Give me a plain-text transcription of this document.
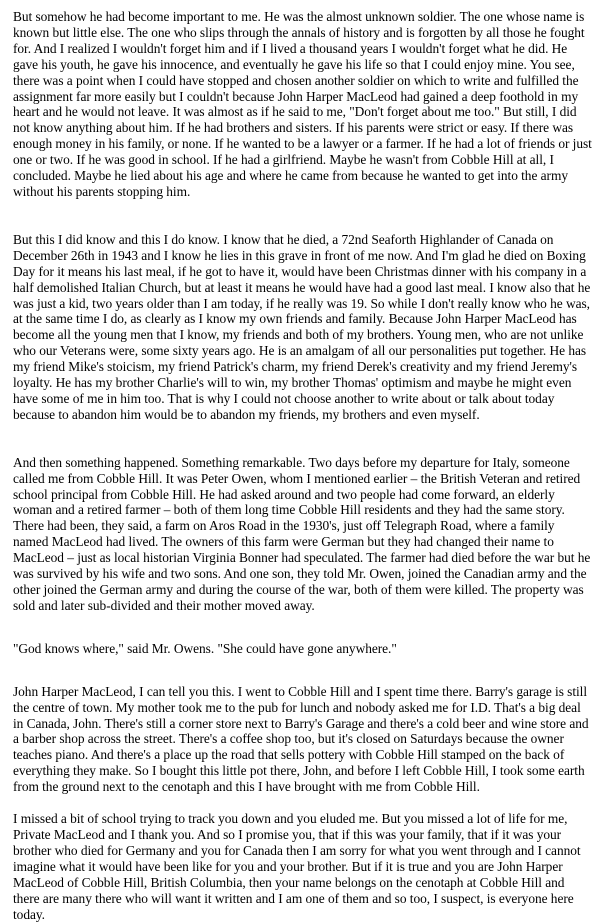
But somehow he had become important to me. He was the almost unknown soldier. The one whose name is known but little else. The one who slips through the annals of history and is forgotten by all those he fought for. And I realized I wouldn't forget him and if I lived a thousand years I wouldn't forget what he did. He gave his youth, he gave his innocence, and eventually he gave his life so that I could enjoy mine. You see, there was a point when I could have stopped and chosen another soldier on which to write and fulfilled the assignment far more easily but I couldn't because John Harper MacLeod had gained a deep foothold in my heart and he would not leave. It was almost as if he said to me, "Don't forget about me too." But still, I did not know anything about him. If he had brothers and sisters. If his parents were strict or easy. If there was enough money in his family, or none. If he wanted to be a lawyer or a farmer. If he had a lot of friends or just one or two. If he was good in school. If he had a girlfriend. Maybe he wasn't from Cobble Hill at all, I concluded. Maybe he lied about his age and where he came from because he wanted to get into the army without his parents stopping him.

But this I did know and this I do know. I know that he died, a 72nd Seaforth Highlander of Canada on December 26th in 1943 and I know he lies in this grave in front of me now. And I'm glad he died on Boxing Day for it means his last meal, if he got to have it, would have been Christmas dinner with his company in a half demolished Italian Church, but at least it means he would have had a good last meal. I know also that he was just a kid, two years older than I am today, if he really was 19. So while I don't really know who he was, at the same time I do, as clearly as I know my own friends and family. Because John Harper MacLeod has become all the young men that I know, my friends and both of my brothers. Young men, who are not unlike who our Veterans were, some sixty years ago. He is an amalgam of all our personalities put together. He has my friend Mike's stoicism, my friend Patrick's charm, my friend Derek's creativity and my friend Jeremy's loyalty. He has my brother Charlie's will to win, my brother Thomas' optimism and maybe he might even have some of me in him too. That is why I could not choose another to write about or talk about today because to abandon him would be to abandon my friends, my brothers and even myself.

And then something happened. Something remarkable. Two days before my departure for Italy, someone called me from Cobble Hill. It was Peter Owen, whom I mentioned earlier – the British Veteran and retired school principal from Cobble Hill. He had asked around and two people had come forward, an elderly woman and a retired farmer – both of them long time Cobble Hill residents and they had the same story. There had been, they said, a farm on Aros Road in the 1930's, just off Telegraph Road, where a family named MacLeod had lived. The owners of this farm were German but they had changed their name to MacLeod – just as local historian Virginia Bonner had speculated. The farmer had died before the war but he was survived by his wife and two sons. And one son, they told Mr. Owen, joined the Canadian army and the other joined the German army and during the course of the war, both of them were killed. The property was sold and later sub-divided and their mother moved away.

"God knows where," said Mr. Owens. "She could have gone anywhere."

John Harper MacLeod, I can tell you this. I went to Cobble Hill and I spent time there. Barry's garage is still the centre of town. My mother took me to the pub for lunch and nobody asked me for I.D. That's a big deal in Canada, John. There's still a corner store next to Barry's Garage and there's a cold beer and wine store and a barber shop across the street. There's a coffee shop too, but it's closed on Saturdays because the owner teaches piano. And there's a place up the road that sells pottery with Cobble Hill stamped on the back of everything they make. So I bought this little pot there, John, and before I left Cobble Hill, I took some earth from the ground next to the cenotaph and this I have brought with me from Cobble Hill.

I missed a bit of school trying to track you down and you eluded me. But you missed a lot of life for me, Private MacLeod and I thank you. And so I promise you, that if this was your family, that if it was your brother who died for Germany and you for Canada then I am sorry for what you went through and I cannot imagine what it would have been like for you and your brother. But if it is true and you are John Harper MacLeod of Cobble Hill, British Columbia, then your name belongs on the cenotaph at Cobble Hill and there are many there who will want it written and I am one of them and so too, I suspect, is everyone here today.
